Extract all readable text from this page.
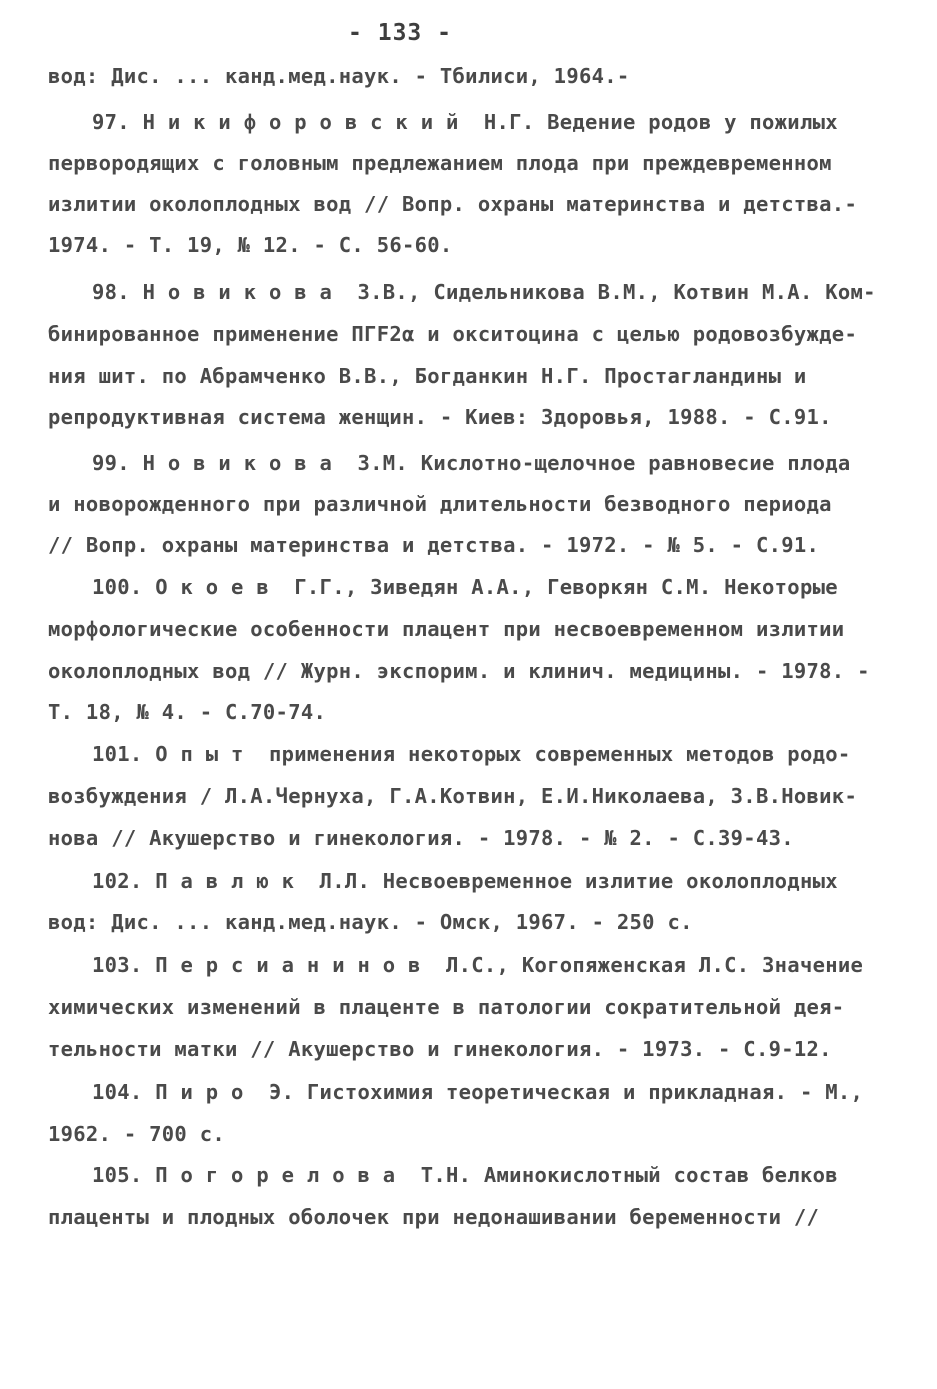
- 133 -
вод: Дис. ... канд.мед.наук. - Тбилиси, 1964.-
97. Н и к и ф о р о в с к и й  Н.Г. Ведение родов у пожилых
первородящих с головным предлежанием плода при преждевременном
излитии околоплодных вод // Вопр. охраны материнства и детства.-
1974. - Т. 19, № 12. - С. 56-60.
98. Н о в и к о в а  З.В., Сидельникова В.М., Котвин М.А. Ком-
бинированное применение ПГF2α и окситоцина с целью родовозбужде-
ния шит. по Абрамченко В.В., Богданкин Н.Г. Простагландины и
репродуктивная система женщин. - Киев: Здоровья, 1988. - С.91.
99. Н о в и к о в а  З.М. Кислотно-щелочное равновесие плода
и новорожденного при различной длительности безводного периода
// Вопр. охраны материнства и детства. - 1972. - № 5. - С.91.
100. О к о е в  Г.Г., Зиведян А.А., Геворкян С.М. Некоторые
морфологические особенности плацент при несвоевременном излитии
околоплодных вод // Журн. экспорим. и клинич. медицины. - 1978. -
Т. 18, № 4. - С.70-74.
101. О п ы т  применения некоторых современных методов родо-
возбуждения / Л.А.Чернуха, Г.А.Котвин, Е.И.Николаева, З.В.Новик-
нова // Акушерство и гинекология. - 1978. - № 2. - С.39-43.
102. П а в л ю к  Л.Л. Несвоевременное излитие околоплодных
вод: Дис. ... канд.мед.наук. - Омск, 1967. - 250 с.
103. П е р с и а н и н о в  Л.С., Когопяженская Л.С. Значение
химических изменений в плаценте в патологии сократительной дея-
тельности матки // Акушерство и гинекология. - 1973. - С.9-12.
104. П и р о  Э. Гистохимия теоретическая и прикладная. - М.,
1962. - 700 с.
105. П о г о р е л о в а  Т.Н. Аминокислотный состав белков
плаценты и плодных оболочек при недонашивании беременности //
